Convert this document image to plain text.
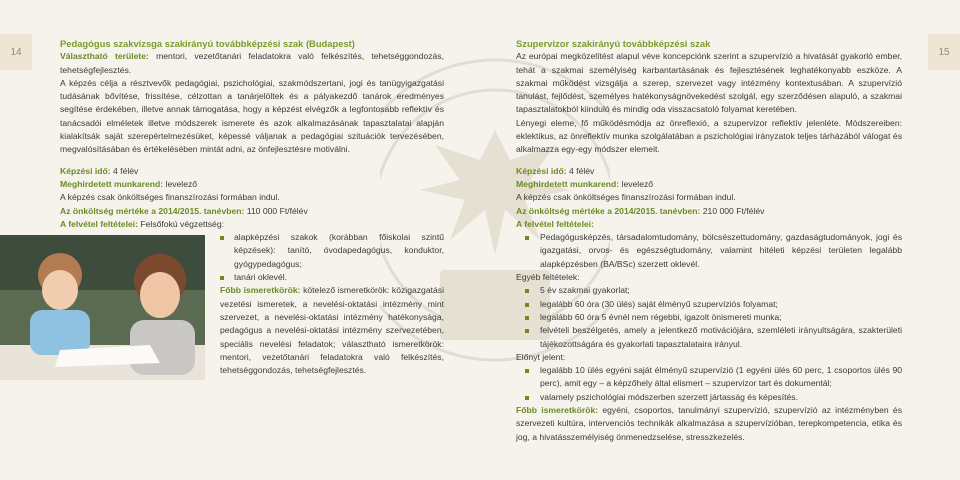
14	15
Pedagógus szakvizsga szakirányú továbbképzési szak (Budapest)

Választható területe: mentori, vezetőtanári feladatokra való felkészítés, tehetséggondozás, tehetségfejlesztés.

A képzés célja a résztvevők pedagógiai, pszichológiai, szakmódszertani, jogi és tanügyigazgatási tudásának bővítése, frissítése, célzottan a tanárjelöltek és a pályakezdő tanárok eredményes segítése érdekében, illetve annak támogatása, hogy a képzést elvégzők a legfontosabb reflektív és tanácsadói elméletek illetve módszerek ismerete és azok alkalmazásának tapasztalatai alapján kialakítsák saját szerepértelmezésüket, képessé váljanak a pedagógiai szituációk tervezésében, megvalósításában és értékelésében mintát adni, az önfejlesztésre motiválni.

Képzési idő: 4 félév

Meghirdetett munkarend: levelező

A képzés csak önköltséges finanszírozási formában indul.

Az önköltség mértéke a 2014/2015. tanévben: 110 000 Ft/félév

A felvétel feltételei: Felsőfokú végzettség:

alapképzési szakok (korábban főiskolai szintű képzések): tanító, óvodapedagógus, konduktor, gyógypedagógus;
tanári oklevél.

Főbb ismeretkörök: kötelező ismeretkörök: közigazgatási vezetési ismeretek, a nevelési-oktatási intézmény mint szervezet, a nevelési-oktatási intézmény hatékonysága, pedagógus a nevelési-oktatási intézmény szervezetében, speciális nevelési feladatok; választható ismeretkörök: mentori, vezetőtanári feladatokra való felkészítés, tehetséggondozás, tehetségfejlesztés.

Szupervizor szakirányú továbbképzési szak

Az európai megközelítést alapul véve koncepciónk szerint a szupervízió a hivatását gyakorló ember, tehát a szakmai személyiség karbantartásának és fejlesztésének leghatékonyabb eszköze. A szakmai működést vizsgálja a szerep, szervezet vagy intézmény kontextusában. A szupervízió tanulást, fejlődést, személyes hatékonyságnövekedést szolgál, egy szerződésen alapuló, a szakmai tapasztalatokból kiinduló és mindig oda visszacsatoló folyamat keretében.

Lényegi eleme, fő működésmódja az önreflexió, a szupervizor reflektív jelenléte. Módszereiben: eklektikus, az önreflektív munka szolgálatában a pszichológiai irányzatok teljes tárházából válogat és alkalmazza egy-egy módszer elemeit.

Képzési idő: 4 félév

Meghirdetett munkarend: levelező

A képzés csak önköltséges finanszírozási formában indul.

Az önköltség mértéke a 2014/2015. tanévben: 210 000 Ft/félév

A felvétel feltételei:

Pedagógusképzés, társadalomtudomány, bölcsészettudomány, gazdaságtudományok, jogi és igazgatási, orvos- és egészségtudomány, valamint hitéleti képzési területen legalább alapképzésben (BA/BSc) szerzett oklevél.

Egyéb feltételek:

5 év szakmai gyakorlat;
legalább 60 óra (30 ülés) saját élményű szupervíziós folyamat;
legalább 60 óra 5 évnél nem régebbi, igazolt önismereti munka;
felvételi beszélgetés, amely a jelentkező motivációjára, szemléleti irányultságára, szakterületi tájékozottságára és gyakorlati tapasztalataira irányul.

Előnyt jelent:

legalább 10 ülés egyéni saját élményű szupervízió (1 egyéni ülés 60 perc, 1 csoportos ülés 90 perc), amit egy – a képzőhely által elismert – szupervizor tart és dokumentál;
valamely pszichológiai módszerben szerzett jártasság és képesítés.

Főbb ismeretkörök: egyéni, csoportos, tanulmányi szupervízió, szupervízió az intézményben és szervezeti kultúra, intervenciós technikák alkalmazása a szupervízióban, terepkompetencia, etika és jog, a hivatásszemélyiség önmenedzselése, stresszkezelés.
